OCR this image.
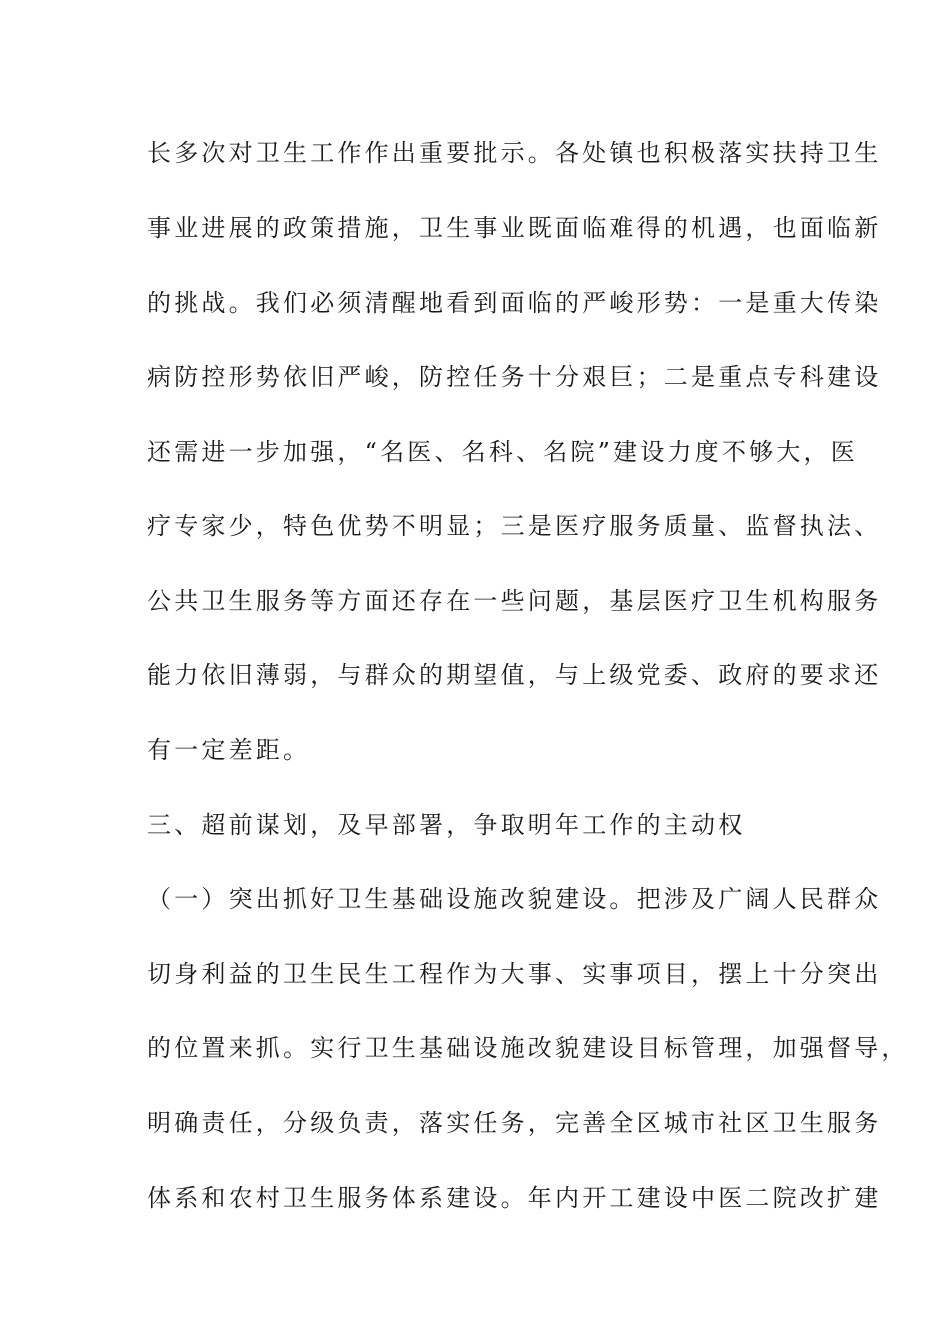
长多次对卫生工作作出重要批示。各处镇也积极落实扶持卫生
事业进展的政策措施，卫生事业既面临难得的机遇，也面临新
的挑战。我们必须清醒地看到面临的严峻形势：一是重大传染
病防控形势依旧严峻，防控任务十分艰巨；二是重点专科建设
还需进一步加强，“名医、名科、名院”建设力度不够大，医
疗专家少，特色优势不明显；三是医疗服务质量、监督执法、
公共卫生服务等方面还存在一些问题，基层医疗卫生机构服务
能力依旧薄弱，与群众的期望值，与上级党委、政府的要求还
有一定差距。
三、超前谋划，及早部署，争取明年工作的主动权
（一）突出抓好卫生基础设施改貌建设。把涉及广阔人民群众
切身利益的卫生民生工程作为大事、实事项目，摆上十分突出
的位置来抓。实行卫生基础设施改貌建设目标管理，加强督导，
明确责任，分级负责，落实任务，完善全区城市社区卫生服务
体系和农村卫生服务体系建设。年内开工建设中医二院改扩建
